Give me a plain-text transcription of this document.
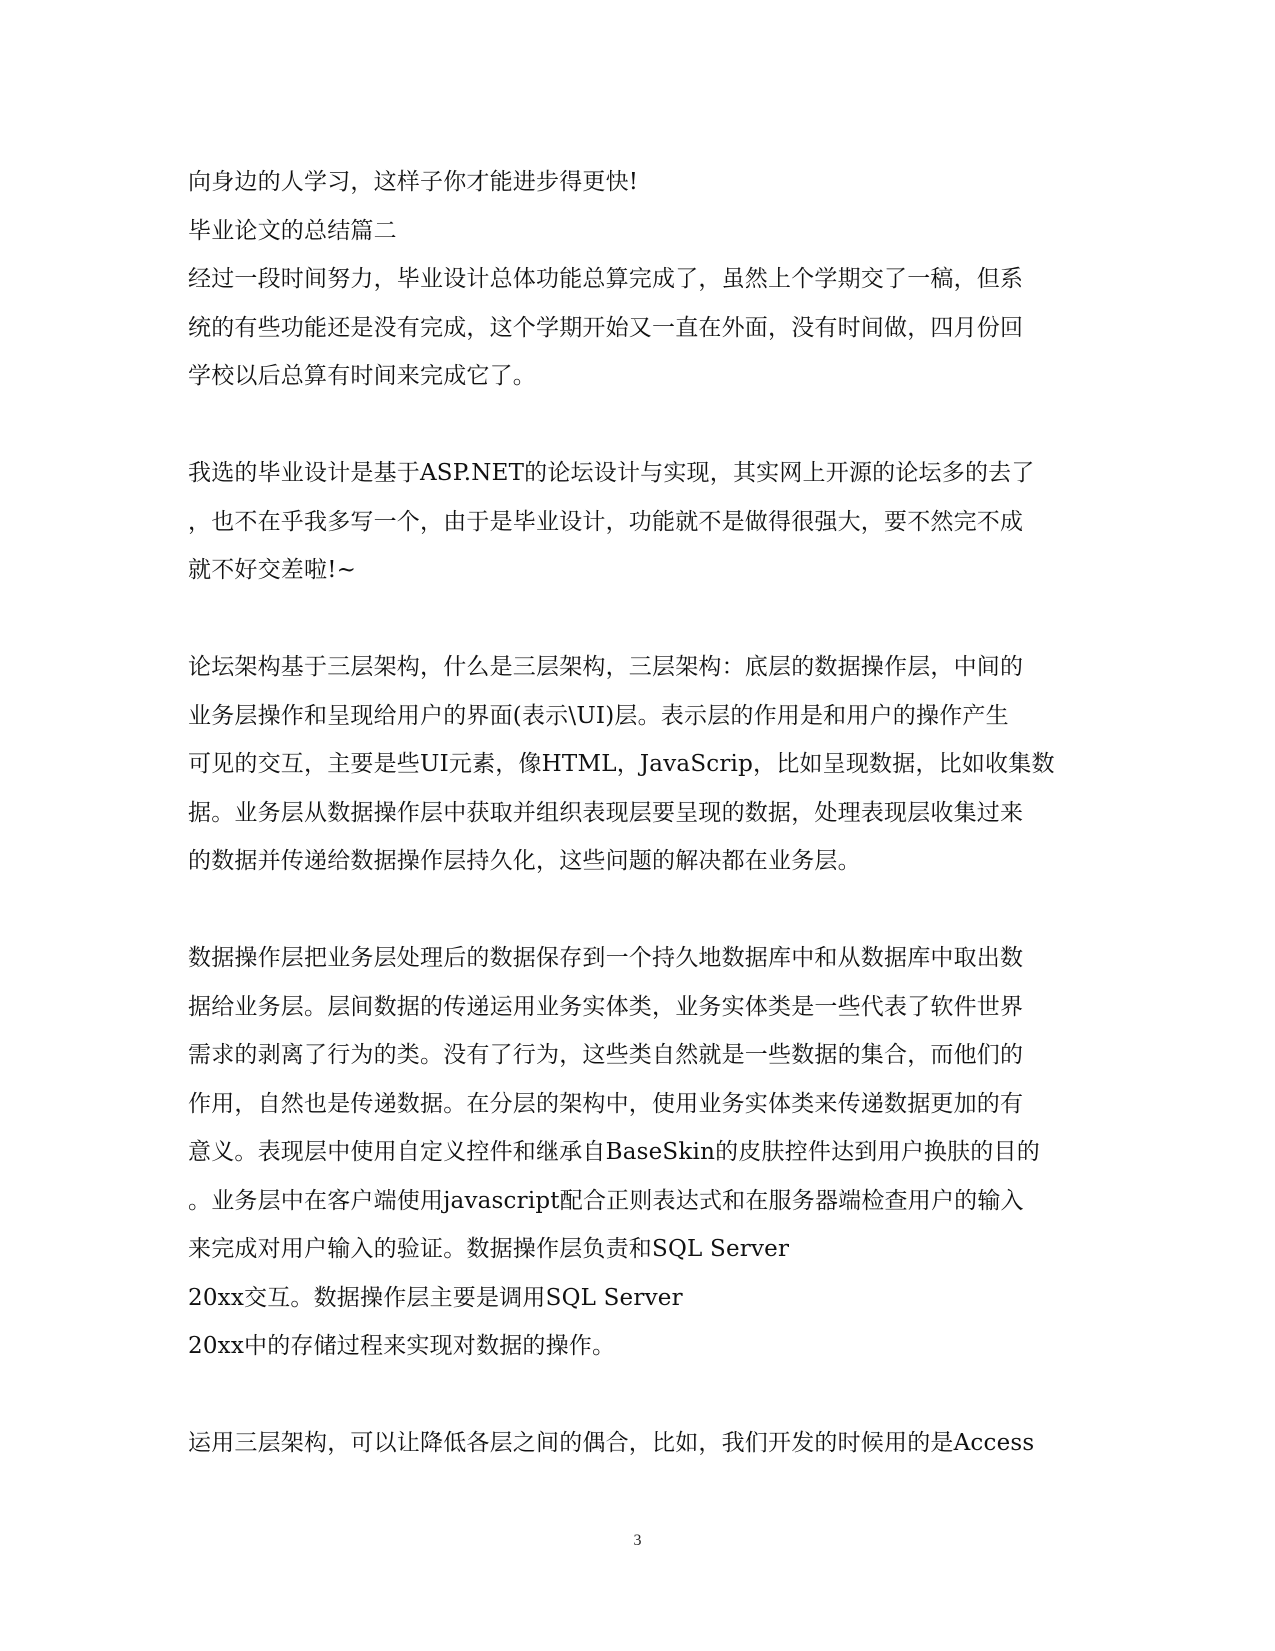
向身边的人学习，这样子你才能进步得更快!
毕业论文的总结篇二
经过一段时间努力，毕业设计总体功能总算完成了，虽然上个学期交了一稿，但系
统的有些功能还是没有完成，这个学期开始又一直在外面，没有时间做，四月份回
学校以后总算有时间来完成它了。
我选的毕业设计是基于ASP.NET的论坛设计与实现，其实网上开源的论坛多的去了
，也不在乎我多写一个，由于是毕业设计，功能就不是做得很强大，要不然完不成
就不好交差啦!~
论坛架构基于三层架构，什么是三层架构，三层架构：底层的数据操作层，中间的
业务层操作和呈现给用户的界面(表示\UI)层。表示层的作用是和用户的操作产生
可见的交互，主要是些UI元素，像HTML，JavaScrip，比如呈现数据，比如收集数
据。业务层从数据操作层中获取并组织表现层要呈现的数据，处理表现层收集过来
的数据并传递给数据操作层持久化，这些问题的解决都在业务层。
数据操作层把业务层处理后的数据保存到一个持久地数据库中和从数据库中取出数
据给业务层。层间数据的传递运用业务实体类，业务实体类是一些代表了软件世界
需求的剥离了行为的类。没有了行为，这些类自然就是一些数据的集合，而他们的
作用，自然也是传递数据。在分层的架构中，使用业务实体类来传递数据更加的有
意义。表现层中使用自定义控件和继承自BaseSkin的皮肤控件达到用户换肤的目的
。业务层中在客户端使用javascript配合正则表达式和在服务器端检查用户的输入
来完成对用户输入的验证。数据操作层负责和SQL Server
20xx交互。数据操作层主要是调用SQL Server
20xx中的存储过程来实现对数据的操作。
运用三层架构，可以让降低各层之间的偶合，比如，我们开发的时候用的是Access
3
